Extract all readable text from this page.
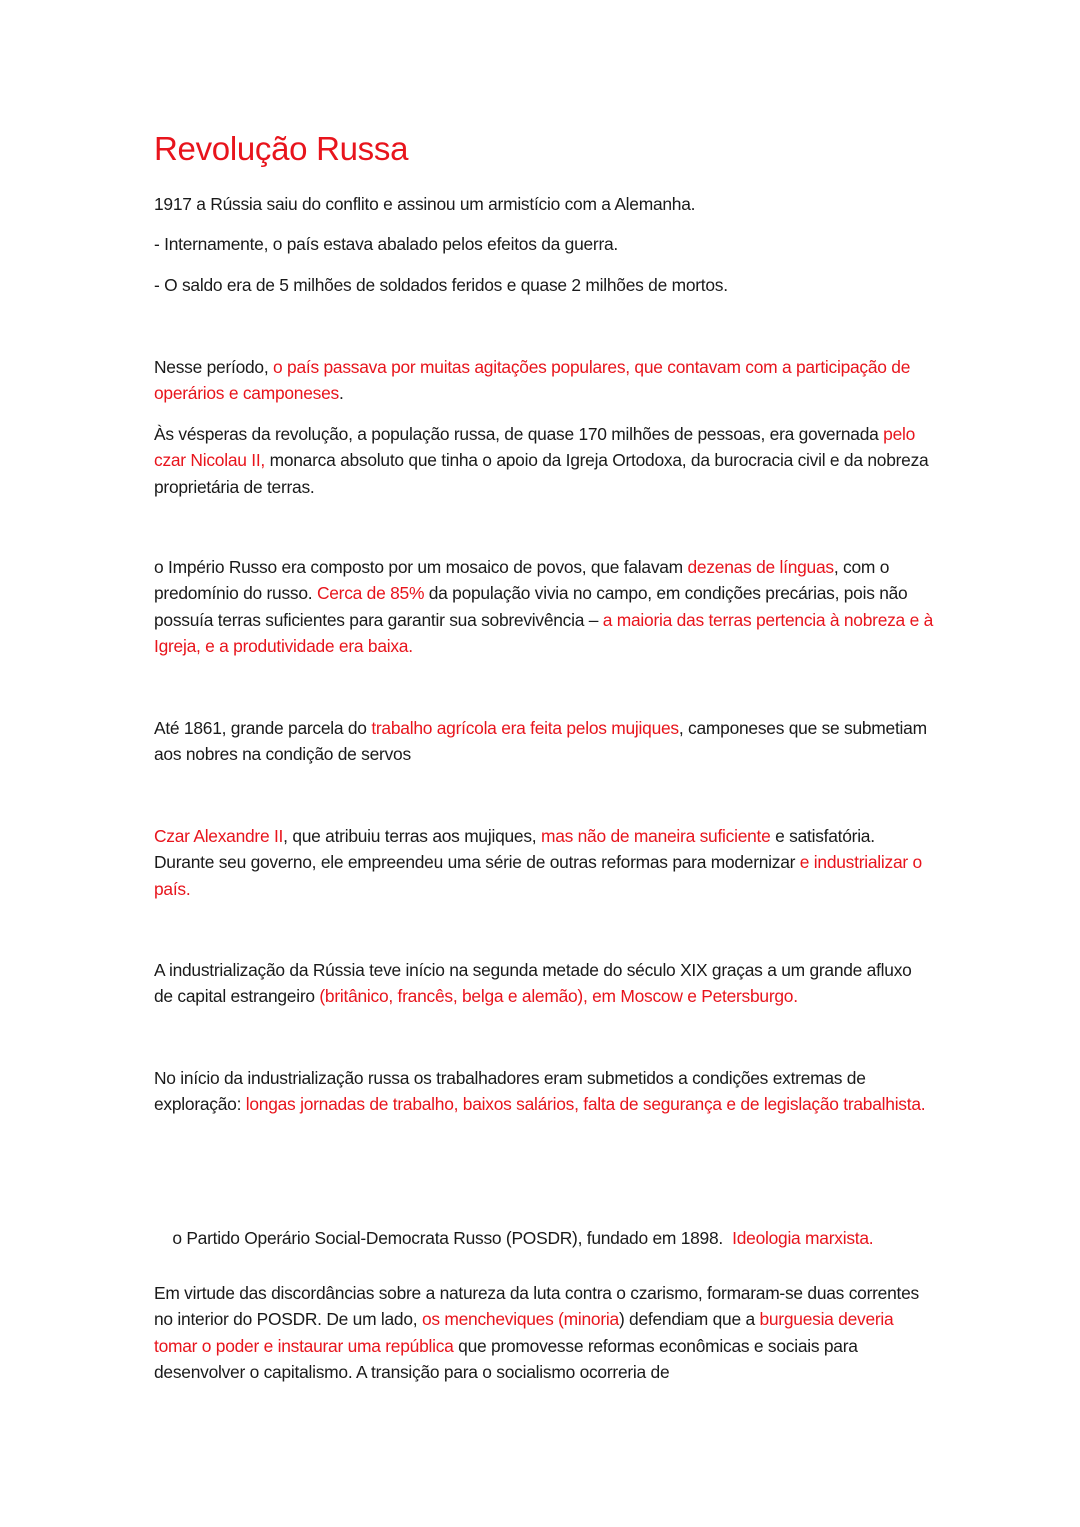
Revolução Russa

1917 a Rússia saiu do conflito e assinou um armistício com a Alemanha.

- Internamente, o país estava abalado pelos efeitos da guerra.

- O saldo era de 5 milhões de soldados feridos e quase 2 milhões de mortos.

Nesse período, o país passava por muitas agitações populares, que contavam com a participação de operários e camponeses.

Às vésperas da revolução, a população russa, de quase 170 milhões de pessoas, era governada pelo czar Nicolau II, monarca absoluto que tinha o apoio da Igreja Ortodoxa, da burocracia civil e da nobreza proprietária de terras.

o Império Russo era composto por um mosaico de povos, que falavam dezenas de línguas, com o predomínio do russo. Cerca de 85% da população vivia no campo, em condições precárias, pois não possuía terras suficientes para garantir sua sobrevivência – a maioria das terras pertencia à nobreza e à Igreja, e a produtividade era baixa.

Até 1861, grande parcela do trabalho agrícola era feita pelos mujiques, camponeses que se submetiam aos nobres na condição de servos

Czar Alexandre II, que atribuiu terras aos mujiques, mas não de maneira suficiente e satisfatória. Durante seu governo, ele empreendeu uma série de outras reformas para modernizar e industrializar o país.

A industrialização da Rússia teve início na segunda metade do século XIX graças a um grande afluxo de capital estrangeiro (britânico, francês, belga e alemão), em Moscow e Petersburgo.

No início da industrialização russa os trabalhadores eram submetidos a condições extremas de exploração: longas jornadas de trabalho, baixos salários, falta de segurança e de legislação trabalhista.

o Partido Operário Social-Democrata Russo (POSDR), fundado em 1898.  Ideologia marxista.

Em virtude das discordâncias sobre a natureza da luta contra o czarismo, formaram-se duas correntes no interior do POSDR. De um lado, os mencheviques (minoria) defendiam que a burguesia deveria tomar o poder e instaurar uma república que promovesse reformas econômicas e sociais para desenvolver o capitalismo. A transição para o socialismo ocorreria de
